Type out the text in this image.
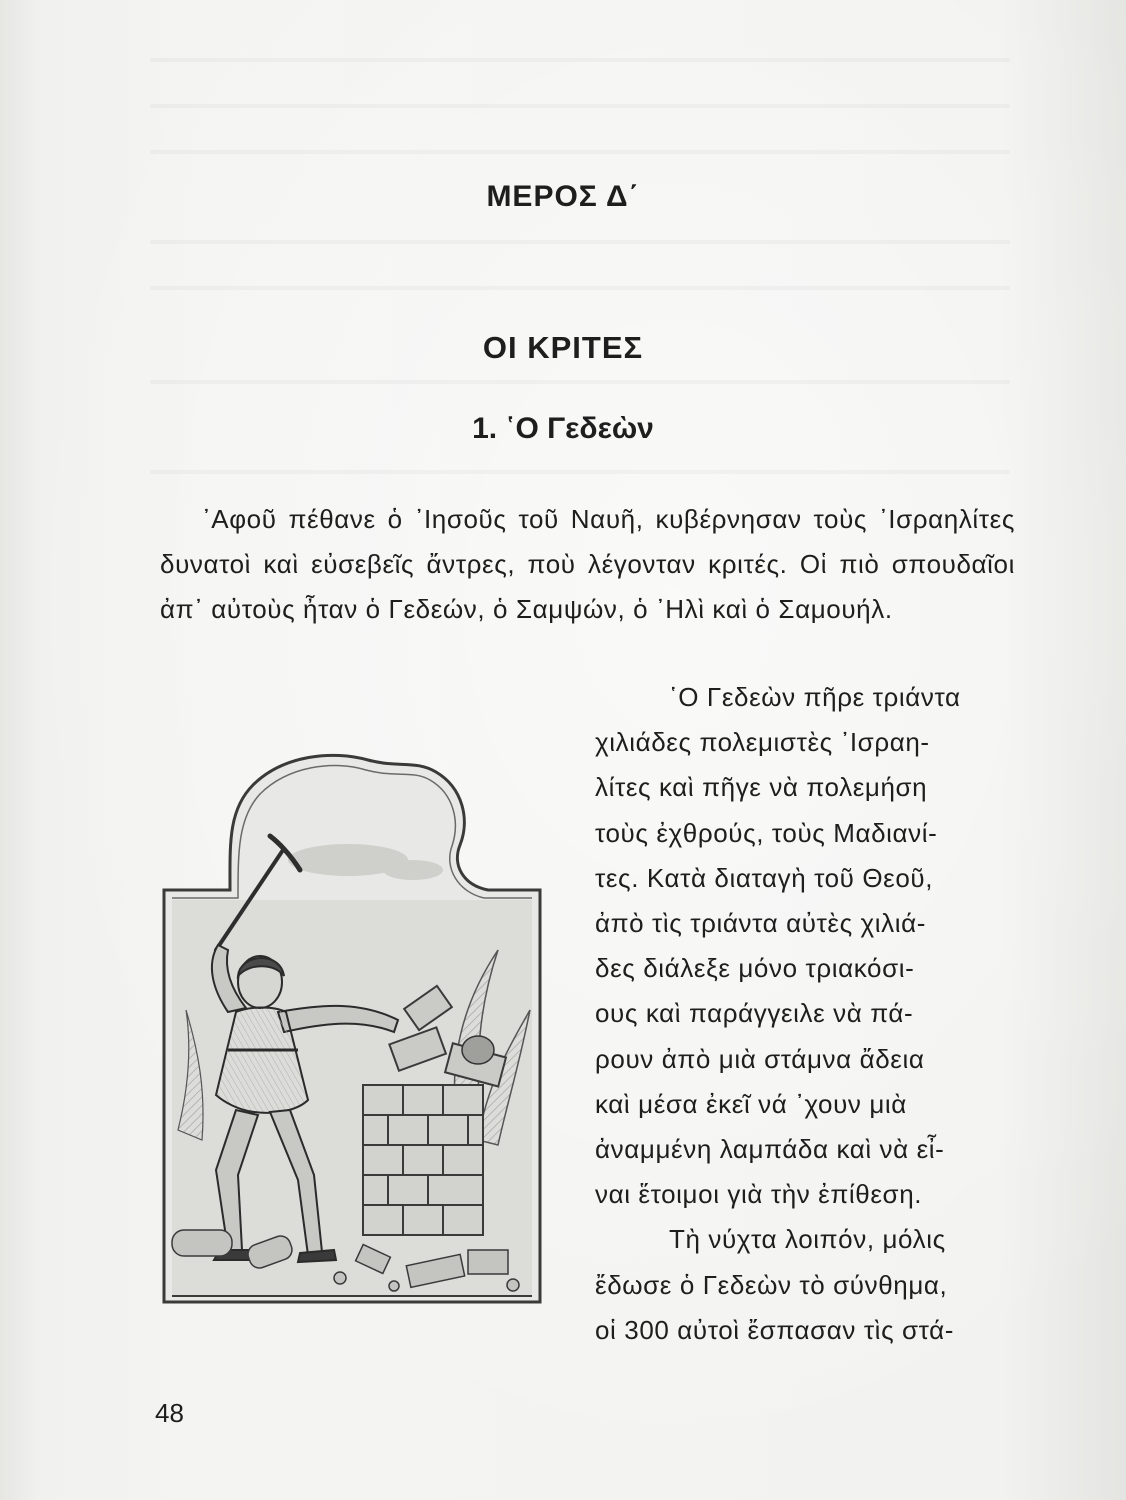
ΜΕΡΟΣ Δ΄
ΟΙ ΚΡΙΤΕΣ
1. ῾Ο Γεδεὼν

᾽Αφοῦ πέθανε ὁ ᾽Ιησοῦς τοῦ Ναυῆ, κυβέρνησαν τοὺς ᾽Ισραηλίτες δυνατοὶ καὶ εὐσεβεῖς ἄντρες, ποὺ λέγονταν κριτές. Οἱ πιὸ σπουδαῖοι ἀπ᾽ αὐτοὺς ἦταν ὁ Γεδεών, ὁ Σαμψών, ὁ ᾽Ηλὶ καὶ ὁ Σαμουήλ.

῾Ο Γεδεὼν πῆρε τριάντα
χιλιάδες πολεμιστὲς ᾽Ισραη-
λίτες καὶ πῆγε νὰ πολεμήση
τοὺς ἐχθρούς, τοὺς Μαδιανί-
τες. Κατὰ διαταγὴ τοῦ Θεοῦ,
ἀπὸ τὶς τριάντα αὐτὲς χιλιά-
δες διάλεξε μόνο τριακόσι-
ους καὶ παράγγειλε νὰ πά-
ρουν ἀπὸ μιὰ στάμνα ἄδεια
καὶ μέσα ἐκεῖ νά ᾽χουν μιὰ
ἀναμμένη λαμπάδα καὶ νὰ εἶ-
ναι ἕτοιμοι γιὰ τὴν ἐπίθεση.
Τὴ νύχτα λοιπόν, μόλις
ἔδωσε ὁ Γεδεὼν τὸ σύνθημα,
οἱ 300 αὐτοὶ ἔσπασαν τὶς στά-
48
